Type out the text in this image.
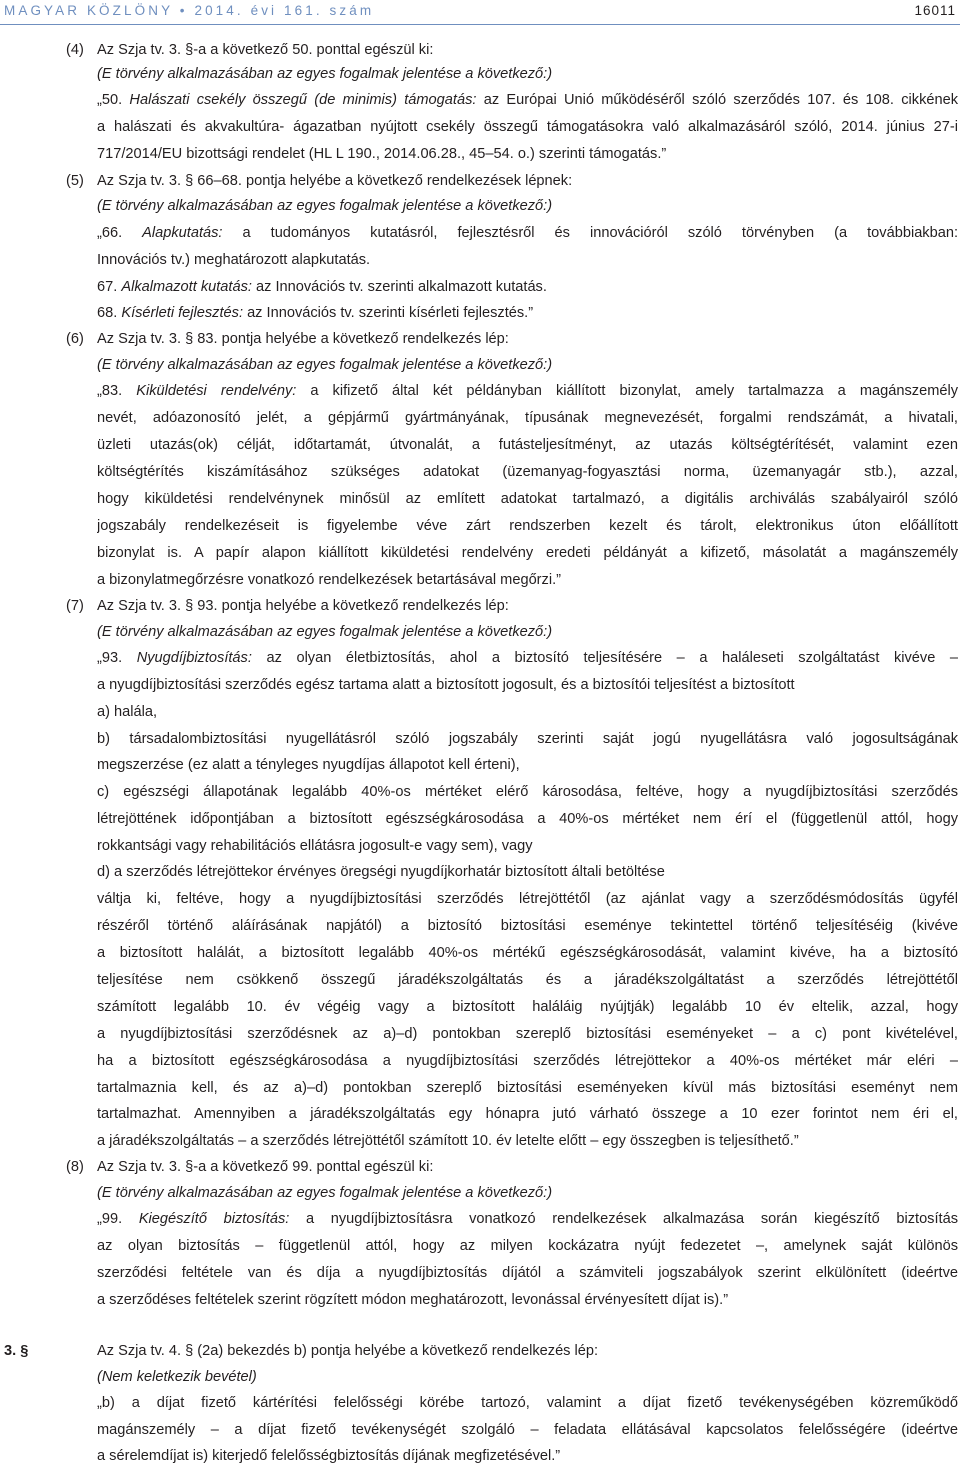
MAGYAR KÖZLÖNY • 2014. évi 161. szám	16011
(4) Az Szja tv. 3. §-a a következő 50. ponttal egészül ki:
(E törvény alkalmazásában az egyes fogalmak jelentése a következő:)
„50. Halászati csekély összegű (de minimis) támogatás: az Európai Unió működéséről szóló szerződés 107. és 108. cikkének
a halászati és akvakultúra- ágazatban nyújtott csekély összegű támogatásokra való alkalmazásáról szóló, 2014. június 27-i
717/2014/EU bizottsági rendelet (HL L 190., 2014.06.28., 45–54. o.) szerinti támogatás.”
(5) Az Szja tv. 3. § 66–68. pontja helyébe a következő rendelkezések lépnek:
(E törvény alkalmazásában az egyes fogalmak jelentése a következő:)
„66. Alapkutatás: a tudományos kutatásról, fejlesztésről és innovációról szóló törvényben (a továbbiakban:
Innovációs tv.) meghatározott alapkutatás.
67. Alkalmazott kutatás: az Innovációs tv. szerinti alkalmazott kutatás.
68. Kísérleti fejlesztés: az Innovációs tv. szerinti kísérleti fejlesztés.”
(6) Az Szja tv. 3. § 83. pontja helyébe a következő rendelkezés lép:
(E törvény alkalmazásában az egyes fogalmak jelentése a következő:)
„83. Kiküldetési rendelvény: a kifizető által két példányban kiállított bizonylat, amely tartalmazza a magánszemély
nevét, adóazonosító jelét, a gépjármű gyártmányának, típusának megnevezését, forgalmi rendszámát, a hivatali,
üzleti utazás(ok) célját, időtartamát, útvonalát, a futásteljesítményt, az utazás költségtérítését, valamint ezen
költségtérítés kiszámításához szükséges adatokat (üzemanyag-fogyasztási norma, üzemanyagár stb.), azzal,
hogy kiküldetési rendelvénynek minősül az említett adatokat tartalmazó, a digitális archiválás szabályairól szóló
jogszabály rendelkezéseit is figyelembe véve zárt rendszerben kezelt és tárolt, elektronikus úton előállított
bizonylat is. A papír alapon kiállított kiküldetési rendelvény eredeti példányát a kifizető, másolatát a magánszemély
a bizonylatmegőrzésre vonatkozó rendelkezések betartásával megőrzi.”
(7) Az Szja tv. 3. § 93. pontja helyébe a következő rendelkezés lép:
(E törvény alkalmazásában az egyes fogalmak jelentése a következő:)
„93. Nyugdíjbiztosítás: az olyan életbiztosítás, ahol a biztosító teljesítésére – a haláleseti szolgáltatást kivéve –
a nyugdíjbiztosítási szerződés egész tartama alatt a biztosított jogosult, és a biztosítói teljesítést a biztosított
a) halála,
b) társadalombiztosítási nyugellátásról szóló jogszabály szerinti saját jogú nyugellátásra való jogosultságának
megszerzése (ez alatt a tényleges nyugdíjas állapotot kell érteni),
c) egészségi állapotának legalább 40%-os mértéket elérő károsodása, feltéve, hogy a nyugdíjbiztosítási szerződés
létrejöttének időpontjában a biztosított egészségkárosodása a 40%-os mértéket nem érí el (függetlenül attól, hogy
rokkantsági vagy rehabilitációs ellátásra jogosult-e vagy sem), vagy
d) a szerződés létrejöttekor érvényes öregségi nyugdíjkorhatár biztosított általi betöltése
váltja ki, feltéve, hogy a nyugdíjbiztosítási szerződés létrejöttétől (az ajánlat vagy a szerződésmódosítás ügyfél
részéről történő aláírásának napjától) a biztosító biztosítási eseménye tekintettel történő teljesítéséig (kivéve
a biztosított halálát, a biztosított legalább 40%-os mértékű egészségkárosodását, valamint kivéve, ha a biztosító
teljesítése nem csökkenő összegű járadékszolgáltatás és a járadékszolgáltatást a szerződés létrejöttétől
számított legalább 10. év végéig vagy a biztosított haláláig nyújtják) legalább 10 év eltelik, azzal, hogy
a nyugdíjbiztosítási szerződésnek az a)–d) pontokban szereplő biztosítási eseményeket – a c) pont kivételével,
ha a biztosított egészségkárosodása a nyugdíjbiztosítási szerződés létrejöttekor a 40%-os mértéket már eléri –
tartalmaznia kell, és az a)–d) pontokban szereplő biztosítási eseményeken kívül más biztosítási eseményt nem
tartalmazhat. Amennyiben a járadékszolgáltatás egy hónapra jutó várható összege a 10 ezer forintot nem éri el,
a járadékszolgáltatás – a szerződés létrejöttétől számított 10. év letelte előtt – egy összegben is teljesíthető.”
(8) Az Szja tv. 3. §-a a következő 99. ponttal egészül ki:
(E törvény alkalmazásában az egyes fogalmak jelentése a következő:)
„99. Kiegészítő biztosítás: a nyugdíjbiztosításra vonatkozó rendelkezések alkalmazása során kiegészítő biztosítás
az olyan biztosítás – függetlenül attól, hogy az milyen kockázatra nyújt fedezetet –, amelynek saját különös
szerződési feltétele van és díja a nyugdíjbiztosítás díjától a számviteli jogszabályok szerint elkülönített (ideértve
a szerződéses feltételek szerint rögzített módon meghatározott, levonással érvényesített díjat is).”
3. §	Az Szja tv. 4. § (2a) bekezdés b) pontja helyébe a következő rendelkezés lép:
(Nem keletkezik bevétel)
„b) a díjat fizető kártérítési felelősségi körébe tartozó, valamint a díjat fizető tevékenységében közreműködő
magánszemély – a díjat fizető tevékenységét szolgáló – feladata ellátásával kapcsolatos felelősségére (ideértve
a sérelemdíjat is) kiterjedő felelősségbiztosítás díjának megfizetésével.”
